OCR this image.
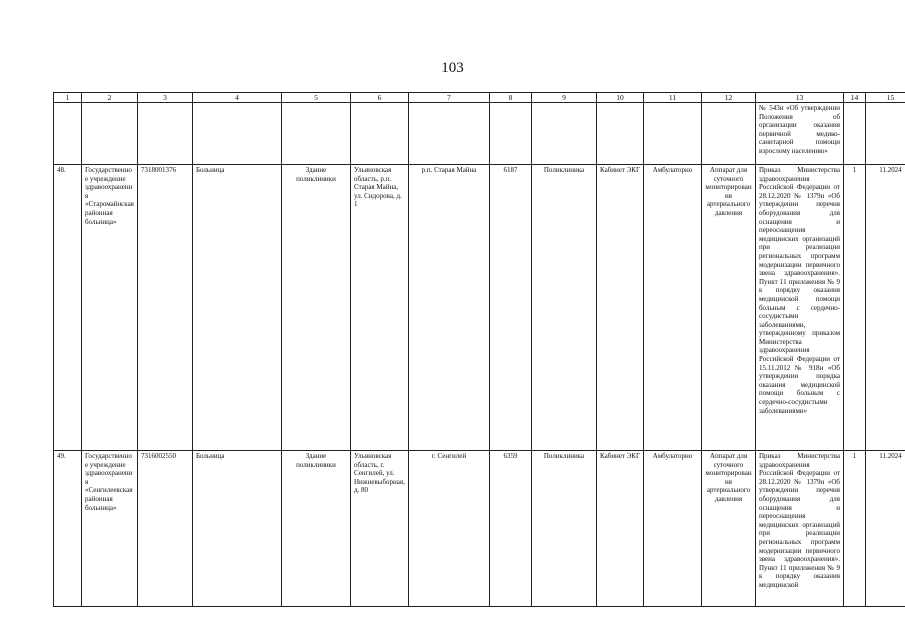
103
1	2	3	4	5	6	7	8	9	10	11	12	13	14	15
												№ 543н «Об утверждении Положения об организации оказания первичной медико-санитарной помощи взрослому населению»		
48.	Государственное учреждение здравоохранения «Старомайнская районная больница»	7318001376	Больница	Здание поликлиники	Ульяновская область, р.п. Старая Майна, ул. Сидорова, д. 1	р.п. Старая Майна	6187	Поликлиника	Кабинет ЭКГ	Амбулаторно	Аппарат для суточного мониторирования артериального давления	Приказ Министерства здравоохранения Российской Федерации от 28.12.2020 № 1379н «Об утверждении перечня оборудования для оснащения и переоснащения медицинских организаций при реализации региональных программ модернизации первичного звена здравоохранения». Пункт 11 приложения № 9 к порядку оказания медицинской помощи больным с сердечно-сосудистыми заболеваниями, утвержденному приказом Министерства здравоохранения Российской Федерации от 15.11.2012 № 918н «Об утверждении порядка оказания медицинской помощи больным с сердечно-сосудистыми заболеваниями»	1	11.2024
49.	Государственное учреждение здравоохранения «Сенгилеевская районная больница»	7316002550	Больница	Здание поликлиники	Ульяновская область, г. Сенгилей, ул. Нижневыборная, д. 80	г. Сенгилей	6359	Поликлиника	Кабинет ЭКГ	Амбулаторно	Аппарат для суточного мониторирования артериального давления	Приказ Министерства здравоохранения Российской Федерации от 28.12.2020 № 1379н «Об утверждении перечня оборудования для оснащения и переоснащения медицинских организаций при реализации региональных программ модернизации первичного звена здравоохранения». Пункт 11 приложения № 9 к порядку оказания медицинской	1	11.2024
